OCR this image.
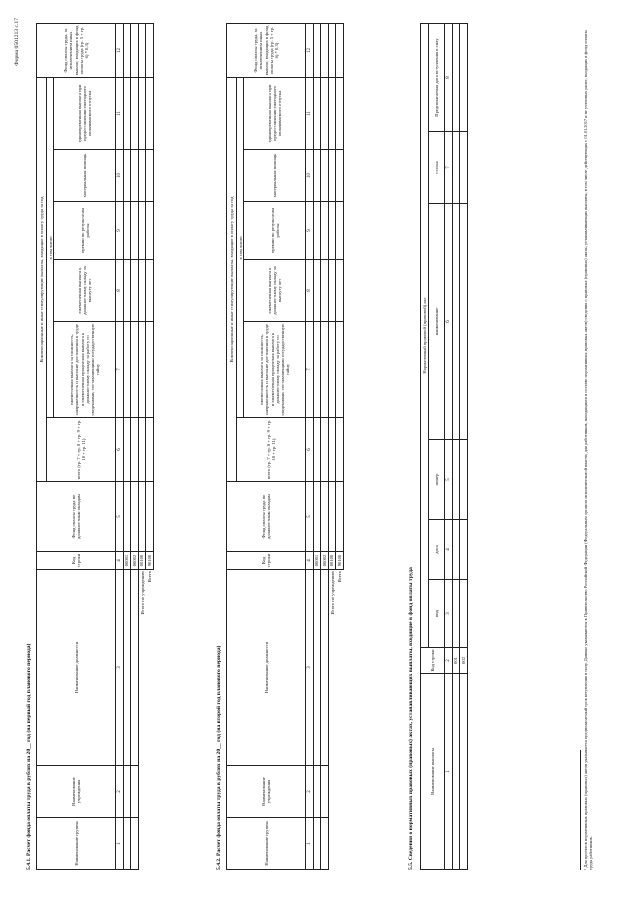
Форма 0501213 с.17
5.4.1. Расчет фонда оплаты труда в рублях на 20__ год (на первый год планового периода)	Наименование группы	Наименование учреждения	Наименование должности	Код строки	Фонд оплаты труда по должностным окладам	Компенсационные и иные стимулирующие выплаты, входящие в оплату труда за год						Фонд оплаты труда, за исключением иных выплат, входящих в фонд оплаты труда (гр. 5 + гр. 6) * 0,3)
					всего (гр. 7 + гр. 8 + гр. 9 + гр. 10 + гр. 11)	в том числе:					
						ежемесячная выплата за сложность, напряженность и высокие достижения в труде и ежемесячная процентная выплата к должностному окладу за работу со сведениями, составляющими государственную тайну	ежемесячная выплата к должностному окладу за выслугу лет	премии по результатам работы	материальная помощь	единовременная выплата при предоставлении ежегодного оплачиваемого отпуска	
1	2	3	4	5	6	7	8	9	10	11	12
			00001								
			00002								
		Итого по учреждению	00100								
		Всего	90100								
5.4.2. Расчет фонда оплаты труда в рублях на 20__ год (на второй год планового периода)	Наименование группы	Наименование учреждения	Наименование должности	Код строки	Фонд оплаты труда по должностным окладам	Компенсационные и иные стимулирующие выплаты, входящие в оплату труда за год						Фонд оплаты труда, за исключением иных выплат, входящих в фонд оплаты труда (гр. 5 + гр. 6) * 0,3)
					всего (гр. 7 + гр. 8 + гр. 9 + гр. 10 + гр. 11)	в том числе:					
						ежемесячная выплата за сложность, напряженность и высокие достижения в труде и ежемесячная процентная выплата к должностному окладу за работу со сведениями, составляющими государственную тайну	ежемесячная выплата к должностному окладу за выслугу лет	премии по результатам работы	материальная помощь	единовременная выплата при предоставлении ежегодного оплачиваемого отпуска	
1	2	3	4	5	6	7	8	9	10	11	12
			00001								
			00002								
		Итого по учреждению	00100								
		Всего	90100								
5.5. Сведения о нормативных правовых (правовых) актах, устанавливающих выплаты, входящие в фонд оплаты труда	Наименование выплаты	Код строки	Нормативный правовой (правовой) акт					
		вид	дата	номер	наименование	статья	Предполагаемая дата вступления в силу
1	2	3	4	5	6	7	8
	001						
	002							¹ Для проектов нормативных правовых (правовых) актов указывается предполагаемый срок вступления в силу. Данные указываются в Правительство Российской Федерации (Федеральным органом исполнительной власти, для работников, находящихся в составе нормативных правовых актов) сведения о правовых (правовых) актах, устанавливающих выплаты, в том числе действующих с 01.01.2017 и не учтенных ранее, входящих в фонд оплаты труда работников.
